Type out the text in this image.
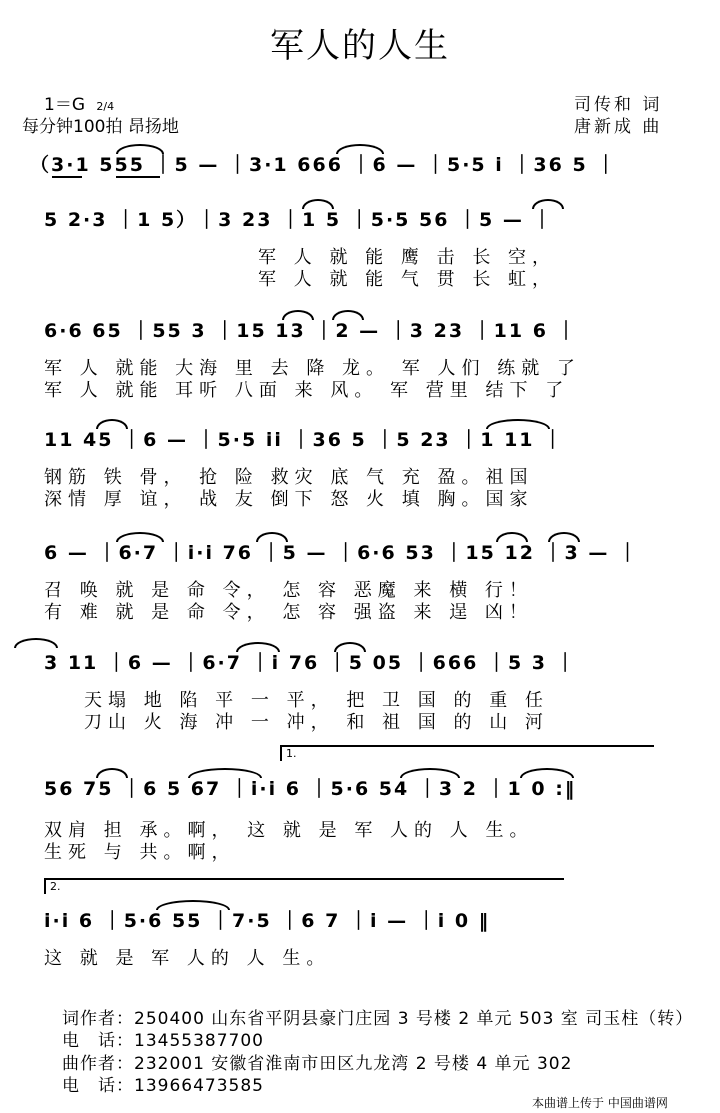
军人的人生
1＝G 2/4
每分钟100拍 昂扬地
司传和 词
唐新成 曲
（3·1 555 ｜5 — ｜3·1 666 ｜6 — ｜5·5 i ｜36 5 ｜
5 2·3 ｜1 5）｜3 23 ｜1 5 ｜5·5 56 ｜5 — ｜
军 人 就 能 鹰 击 长 空，
军 人 就 能 气 贯 长 虹，
6·6 65 ｜55 3 ｜15 13 ｜2 — ｜3 23 ｜11 6 ｜
军 人 就能 大海 里 去 降 龙。 军 人们 练就 了
军 人 就能 耳听 八面 来 风。 军 营里 结下 了
11 45 ｜6 — ｜5·5 ii ｜36 5 ｜5 23 ｜1 11 ｜
钢筋 铁 骨， 抢 险 救灾 底 气 充 盈。祖国
深情 厚 谊， 战 友 倒下 怒 火 填 胸。国家
6 — ｜6·7 ｜i·i 76 ｜5 — ｜6·6 53 ｜15 12 ｜3 — ｜
召 唤 就 是 命 令， 怎 容 恶魔 来 横 行！
有 难 就 是 命 令， 怎 容 强盗 来 逞 凶！
3 11 ｜6 — ｜6·7 ｜i 76 ｜5 05 ｜666 ｜5 3 ｜
天塌 地 陷 平 一 平， 把 卫 国 的 重 任
刀山 火 海 冲 一 冲， 和 祖 国 的 山 河
1.
56 75 ｜6 5 67 ｜i·i 6 ｜5·6 54 ｜3 2 ｜1 0 :‖
双肩 担 承。啊， 这 就 是 军 人的 人 生。
生死 与 共。啊，
2.
i·i 6 ｜5·6 55 ｜7·5 ｜6 7 ｜i — ｜i 0 ‖
这 就 是 军 人的 人 生。
词作者：250400 山东省平阴县豪门庄园 3 号楼 2 单元 503 室 司玉柱（转）
电　话：13455387700
曲作者：232001 安徽省淮南市田区九龙湾 2 号楼 4 单元 302
电　话：13966473585
本曲谱上传于 中国曲谱网
